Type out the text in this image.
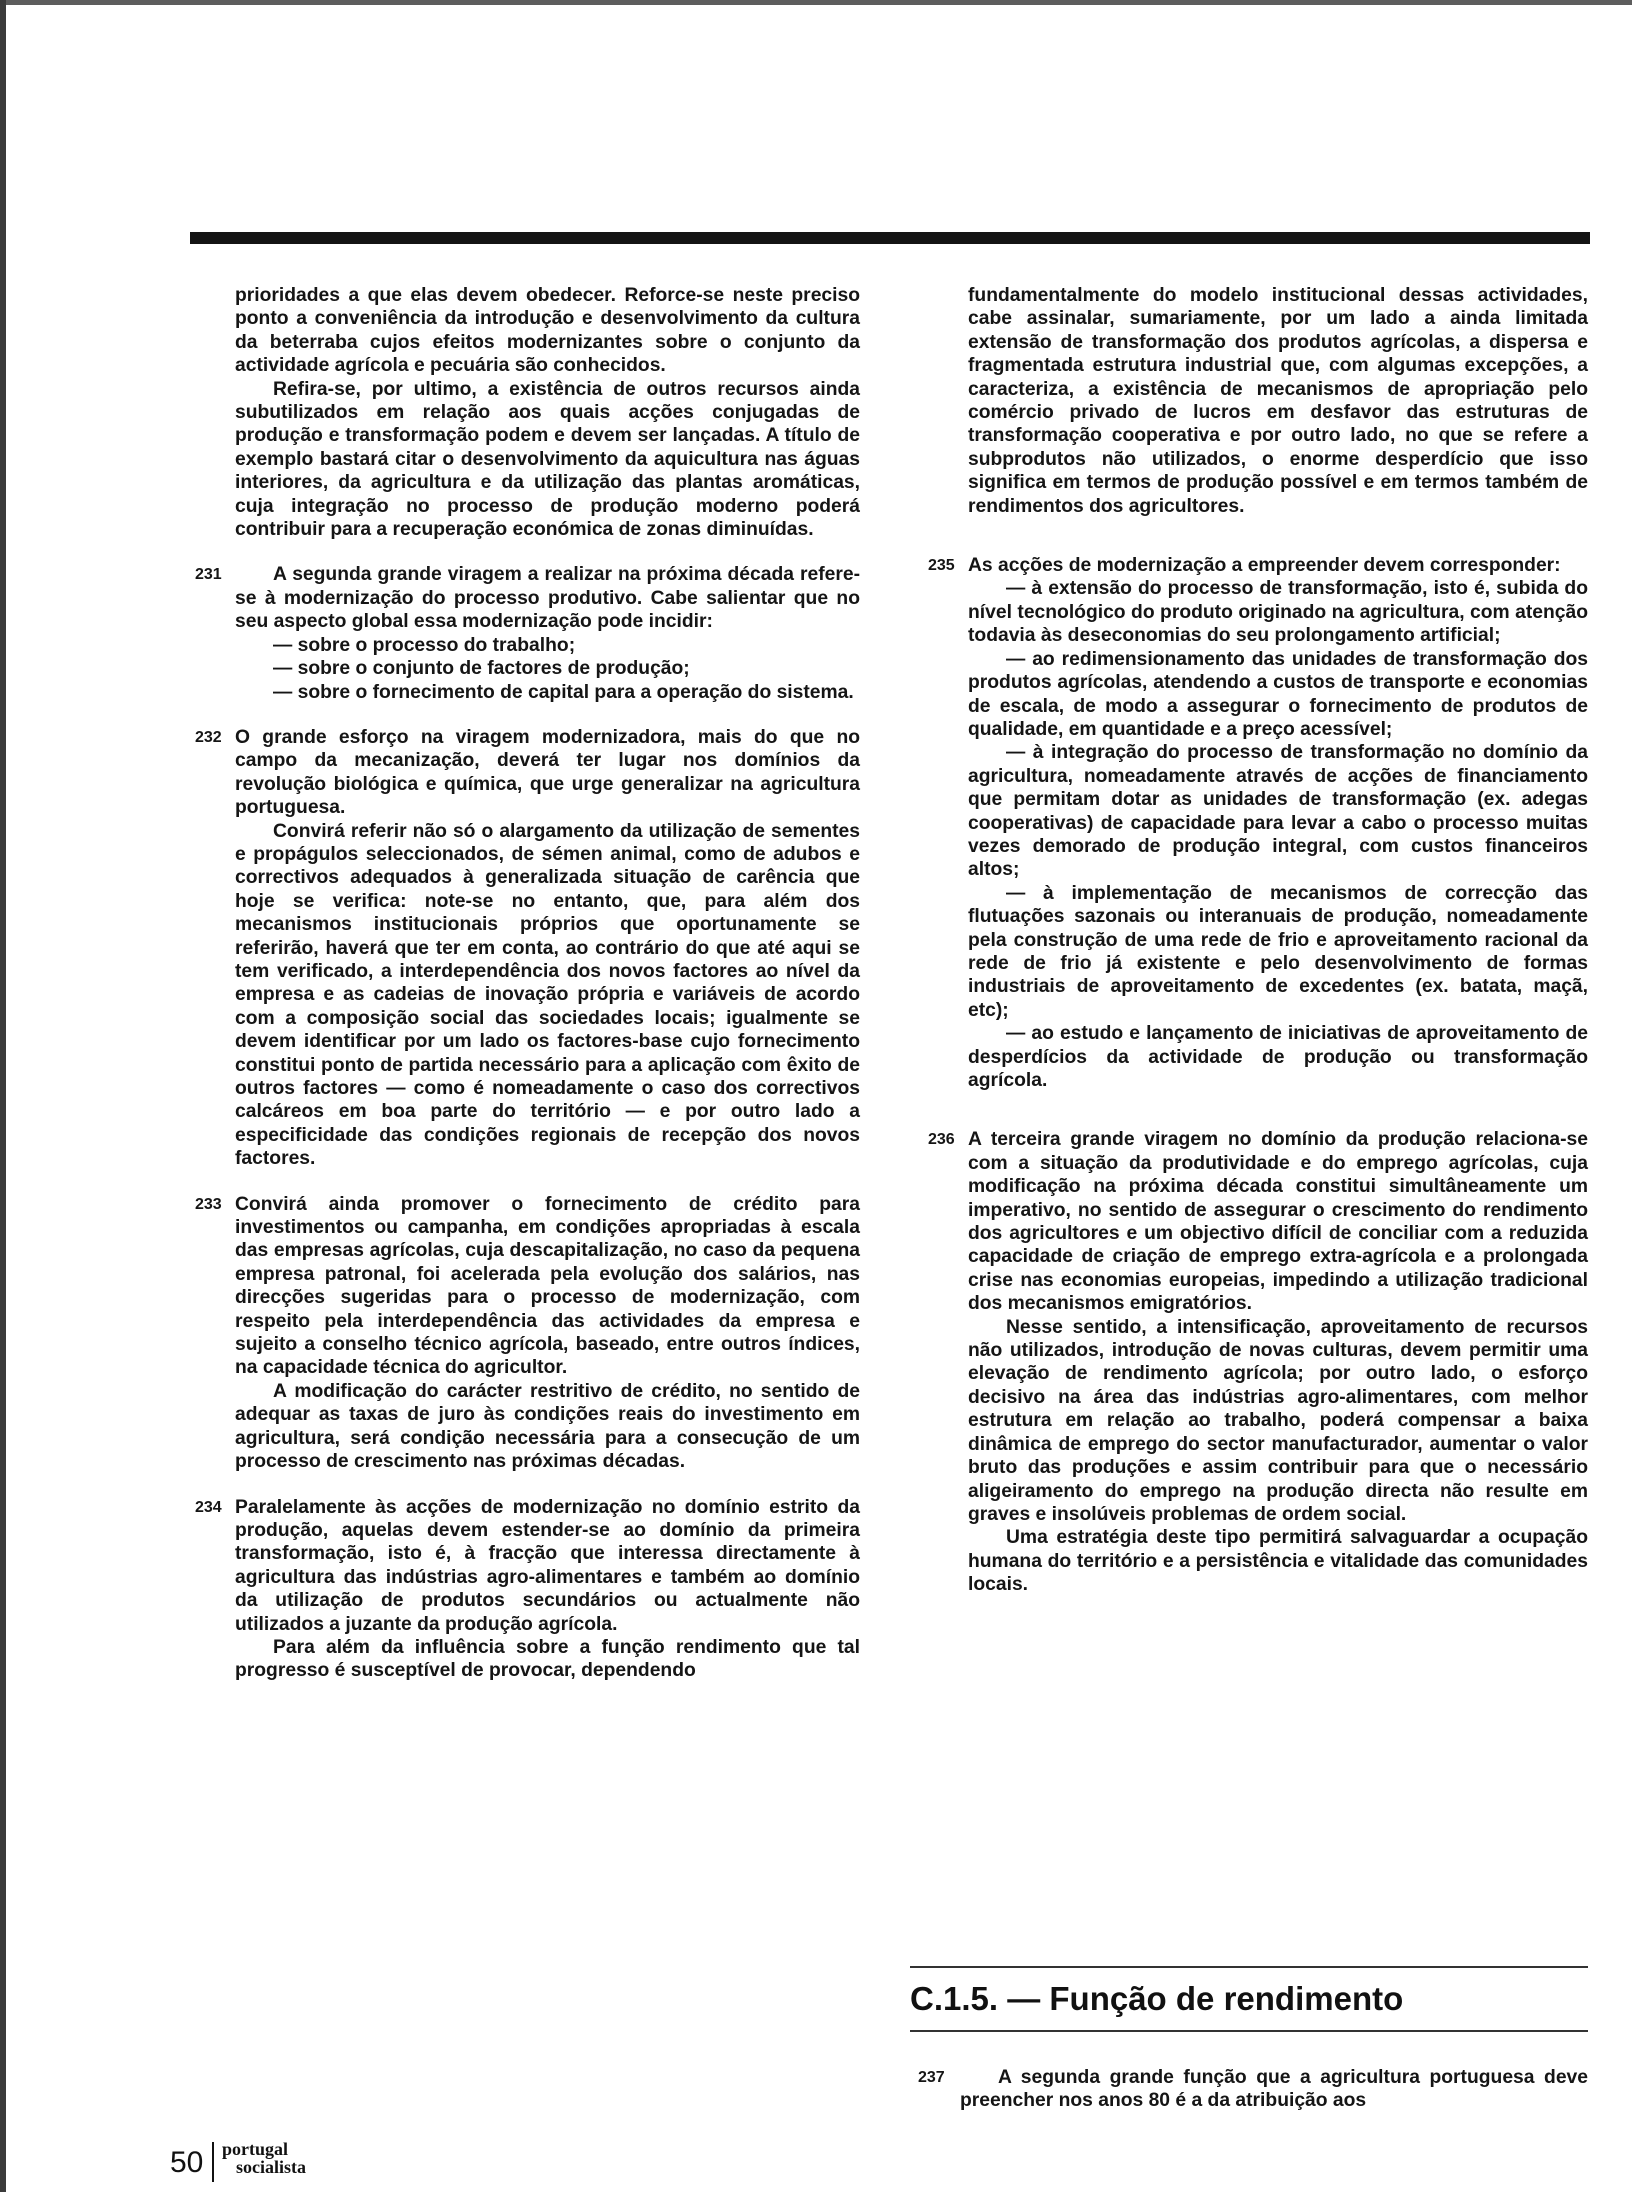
prioridades a que elas devem obedecer. Reforce-se neste preciso ponto a conveniência da introdução e desenvolvimento da cultura da beterraba cujos efeitos modernizantes sobre o conjunto da actividade agrícola e pecuária são conhecidos.

Refira-se, por ultimo, a existência de outros recursos ainda subutilizados em relação aos quais acções conjugadas de produção e transformação podem e devem ser lançadas. A título de exemplo bastará citar o desenvolvimento da aquicultura nas águas interiores, da agricultura e da utilização das plantas aromáticas, cuja integração no processo de produção moderno poderá contribuir para a recuperação económica de zonas diminuídas.

231	A segunda grande viragem a realizar na próxima década refere-se à modernização do processo produtivo. Cabe salientar que no seu aspecto global essa modernização pode incidir:
— sobre o processo do trabalho;
— sobre o conjunto de factores de produção;
— sobre o fornecimento de capital para a operação do sistema.
232 O grande esforço na viragem modernizadora, mais do que no campo da mecanização, deverá ter lugar nos domínios da revolução biológica e química, que urge generalizar na agricultura portuguesa.
Convirá referir não só o alargamento da utilização de sementes e propágulos seleccionados, de sémen animal, como de adubos e correctivos adequados à generalizada situação de carência que hoje se verifica: note-se no entanto, que, para além dos mecanismos institucionais próprios que oportunamente se referirão, haverá que ter em conta, ao contrário do que até aqui se tem verificado, a interdependência dos novos factores ao nível da empresa e as cadeias de inovação própria e variáveis de acordo com a composição social das sociedades locais; igualmente se devem identificar por um lado os factores-base cujo fornecimento constitui ponto de partida necessário para a aplicação com êxito de outros factores — como é nomeadamente o caso dos correctivos calcáreos em boa parte do território — e por outro lado a especificidade das condições regionais de recepção dos novos factores.
233 Convirá ainda promover o fornecimento de crédito para investimentos ou campanha, em condições apropriadas à escala das empresas agrícolas, cuja descapitalização, no caso da pequena empresa patronal, foi acelerada pela evolução dos salários, nas direcções sugeridas para o processo de modernização, com respeito pela interdependência das actividades da empresa e sujeito a conselho técnico agrícola, baseado, entre outros índices, na capacidade técnica do agricultor.
A modificação do carácter restritivo de crédito, no sentido de adequar as taxas de juro às condições reais do investimento em agricultura, será condição necessária para a consecução de um processo de crescimento nas próximas décadas.
234 Paralelamente às acções de modernização no domínio estrito da produção, aquelas devem estender-se ao domínio da primeira transformação, isto é, à fracção que interessa directamente à agricultura das indústrias agro-alimentares e também ao domínio da utilização de produtos secundários ou actualmente não utilizados a juzante da produção agrícola.
Para além da influência sobre a função rendimento que tal progresso é susceptível de provocar, dependendo

fundamentalmente do modelo institucional dessas actividades, cabe assinalar, sumariamente, por um lado a ainda limitada extensão de transformação dos produtos agrícolas, a dispersa e fragmentada estrutura industrial que, com algumas excepções, a caracteriza, a existência de mecanismos de apropriação pelo comércio privado de lucros em desfavor das estruturas de transformação cooperativa e por outro lado, no que se refere a subprodutos não utilizados, o enorme desperdício que isso significa em termos de produção possível e em termos também de rendimentos dos agricultores.

235 As acções de modernização a empreender devem corresponder:
— à extensão do processo de transformação, isto é, subida do nível tecnológico do produto originado na agricultura, com atenção todavia às deseconomias do seu prolongamento artificial;
— ao redimensionamento das unidades de transformação dos produtos agrícolas, atendendo a custos de transporte e economias de escala, de modo a assegurar o fornecimento de produtos de qualidade, em quantidade e a preço acessível;
— à integração do processo de transformação no domínio da agricultura, nomeadamente através de acções de financiamento que permitam dotar as unidades de transformação (ex. adegas cooperativas) de capacidade para levar a cabo o processo muitas vezes demorado de produção integral, com custos financeiros altos;
— à implementação de mecanismos de correcção das flutuações sazonais ou interanuais de produção, nomeadamente pela construção de uma rede de frio e aproveitamento racional da rede de frio já existente e pelo desenvolvimento de formas industriais de aproveitamento de excedentes (ex. batata, maçã, etc);
— ao estudo e lançamento de iniciativas de aproveitamento de desperdícios da actividade de produção ou transformação agrícola.
236 A terceira grande viragem no domínio da produção relaciona-se com a situação da produtividade e do emprego agrícolas, cuja modificação na próxima década constitui simultâneamente um imperativo, no sentido de assegurar o crescimento do rendimento dos agricultores e um objectivo difícil de conciliar com a reduzida capacidade de criação de emprego extra-agrícola e a prolongada crise nas economias europeias, impedindo a utilização tradicional dos mecanismos emigratórios.
Nesse sentido, a intensificação, aproveitamento de recursos não utilizados, introdução de novas culturas, devem permitir uma elevação de rendimento agrícola; por outro lado, o esforço decisivo na área das indústrias agro-alimentares, com melhor estrutura em relação ao trabalho, poderá compensar a baixa dinâmica de emprego do sector manufacturador, aumentar o valor bruto das produções e assim contribuir para que o necessário aligeiramento do emprego na produção directa não resulte em graves e insolúveis problemas de ordem social.
Uma estratégia deste tipo permitirá salvaguardar a ocupação humana do território e a persistência e vitalidade das comunidades locais.
C.1.5. — Função de rendimento
237	A segunda grande função que a agricultura portuguesa deve preencher nos anos 80 é a da atribuição aos
50 portugal
socialista
